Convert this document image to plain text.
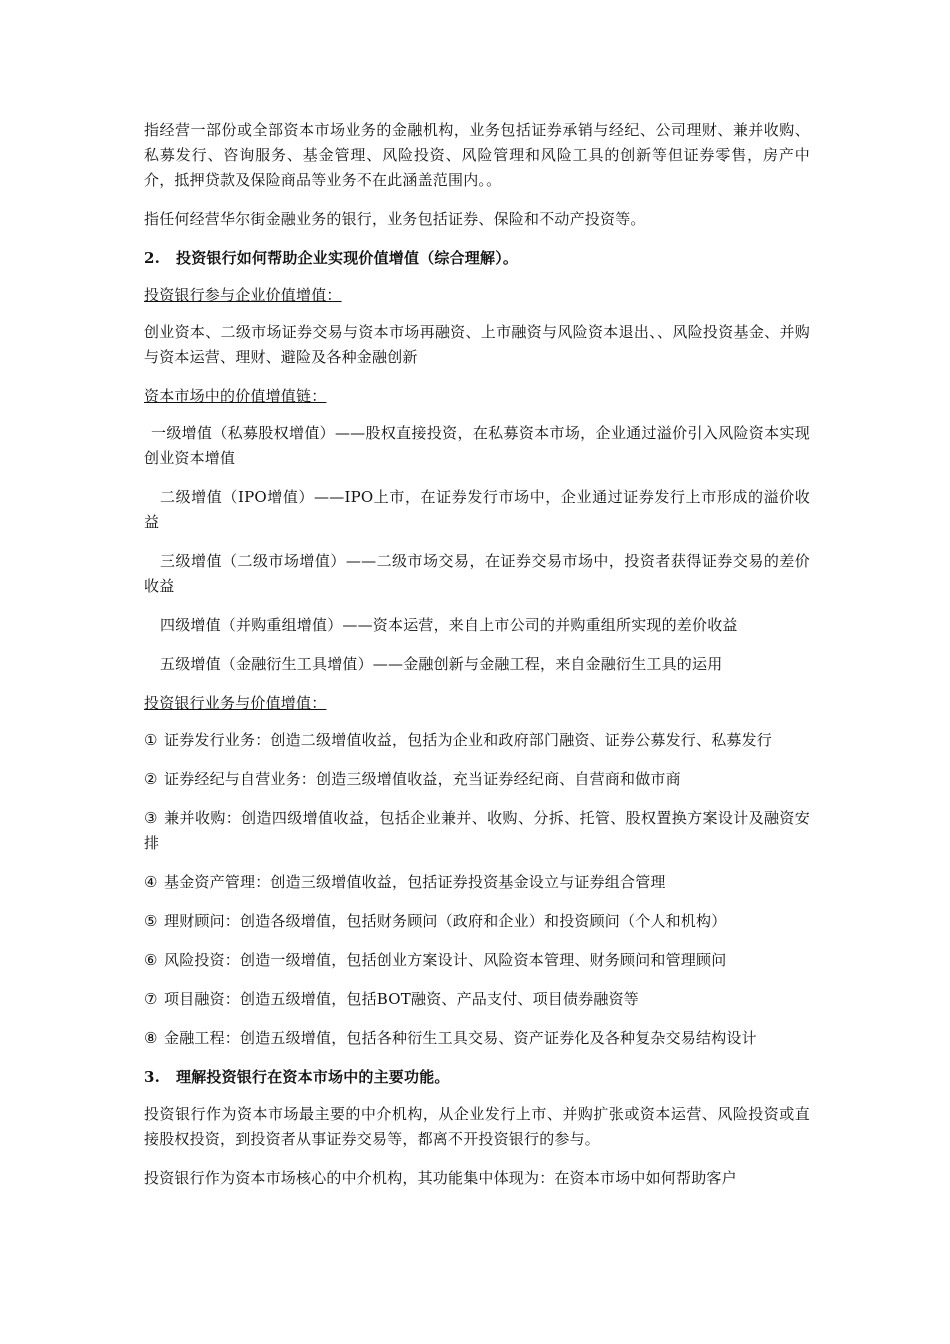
指经营一部份或全部资本市场业务的金融机构，业务包括证券承销与经纪、公司理财、兼并收购、私募发行、咨询服务、基金管理、风险投资、风险管理和风险工具的创新等但证券零售，房产中介，抵押贷款及保险商品等业务不在此涵盖范围内。。

指任何经营华尔街金融业务的银行，业务包括证券、保险和不动产投资等。

2. 投资银行如何帮助企业实现价值增值（综合理解）。

投资银行参与企业价值增值：

创业资本、二级市场证券交易与资本市场再融资、上市融资与风险资本退出、、风险投资基金、并购与资本运营、理财、避险及各种金融创新

资本市场中的价值增值链：

一级增值（私募股权增值）——股权直接投资，在私募资本市场，企业通过溢价引入风险资本实现创业资本增值

二级增值（IPO增值）——IPO上市，在证券发行市场中，企业通过证券发行上市形成的溢价收益

三级增值（二级市场增值）——二级市场交易，在证券交易市场中，投资者获得证券交易的差价收益

四级增值（并购重组增值）——资本运营，来自上市公司的并购重组所实现的差价收益

五级增值（金融衍生工具增值）——金融创新与金融工程，来自金融衍生工具的运用

投资银行业务与价值增值：

① 证券发行业务：创造二级增值收益，包括为企业和政府部门融资、证券公募发行、私募发行

② 证券经纪与自营业务：创造三级增值收益，充当证券经纪商、自营商和做市商

③ 兼并收购：创造四级增值收益，包括企业兼并、收购、分拆、托管、股权置换方案设计及融资安排

④ 基金资产管理：创造三级增值收益，包括证券投资基金设立与证券组合管理

⑤ 理财顾问：创造各级增值，包括财务顾问（政府和企业）和投资顾问（个人和机构）

⑥ 风险投资：创造一级增值，包括创业方案设计、风险资本管理、财务顾问和管理顾问

⑦ 项目融资：创造五级增值，包括BOT融资、产品支付、项目债券融资等

⑧ 金融工程：创造五级增值，包括各种衍生工具交易、资产证券化及各种复杂交易结构设计

3. 理解投资银行在资本市场中的主要功能。

投资银行作为资本市场最主要的中介机构，从企业发行上市、并购扩张或资本运营、风险投资或直接股权投资，到投资者从事证券交易等，都离不开投资银行的参与。

投资银行作为资本市场核心的中介机构，其功能集中体现为：在资本市场中如何帮助客户
